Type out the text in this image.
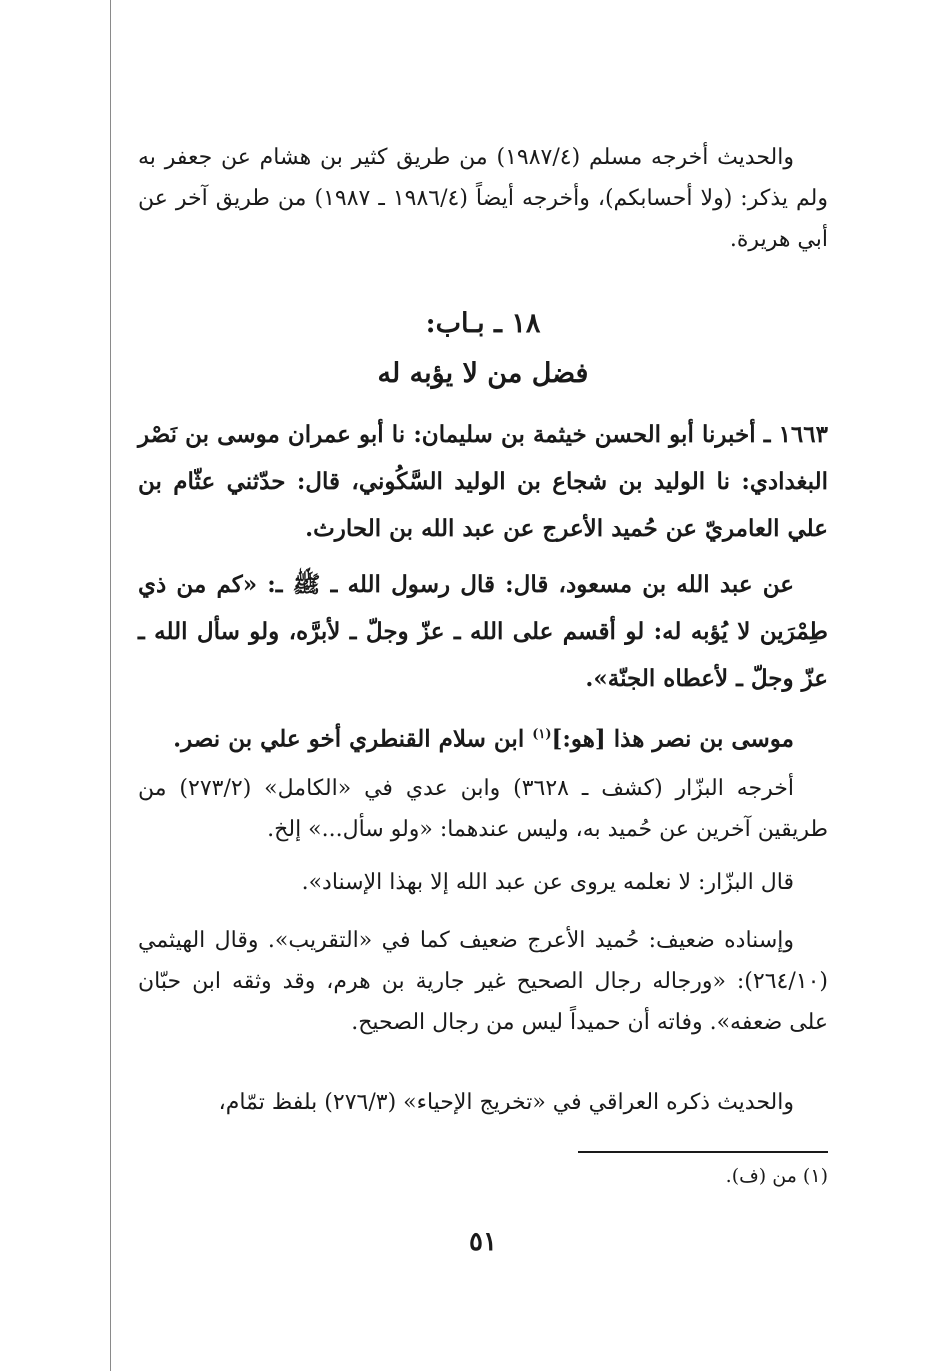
والحديث أخرجه مسلم (١٩٨٧/٤) من طريق كثير بن هشام عن جعفر به ولم يذكر: (ولا أحسابكم)، وأخرجه أيضاً (١٩٨٦/٤ ـ ١٩٨٧) من طريق آخر عن أبي هريرة.

١٨ ـ بـاب:
فضل من لا يؤبه له

١٦٦٣ ـ أخبرنا أبو الحسن خيثمة بن سليمان: نا أبو عمران موسى بن نَصْر البغدادي: نا الوليد بن شجاع بن الوليد السَّكُوني، قال: حدّثني عثّام بن علي العامريّ عن حُميد الأعرج عن عبد الله بن الحارث.

عن عبد الله بن مسعود، قال: قال رسول الله ـ ﷺ ـ: «كم من ذي طِمْرَين لا يُؤبه له: لو أقسم على الله ـ عزّ وجلّ ـ لأبرَّه، ولو سأل الله ـ عزّ وجلّ ـ لأعطاه الجنّة».

موسى بن نصر هذا [هو:]$^{(١)}$ ابن سلام القنطري أخو علي بن نصر.

أخرجه البزّار (كشف ـ ٣٦٢٨) وابن عدي في «الكامل» (٢٧٣/٢) من طريقين آخرين عن حُميد به، وليس عندهما: «ولو سأل...» إلخ.

قال البزّار: لا نعلمه يروى عن عبد الله إلا بهذا الإسناد».

وإسناده ضعيف: حُميد الأعرج ضعيف كما في «التقريب». وقال الهيثمي (٢٦٤/١٠): «ورجاله رجال الصحيح غير جارية بن هرم، وقد وثقه ابن حبّان على ضعفه». وفاته أن حميداً ليس من رجال الصحيح.

والحديث ذكره العراقي في «تخريج الإحياء» (٢٧٦/٣) بلفظ تمّام،

(١) من (ف).

٥١
